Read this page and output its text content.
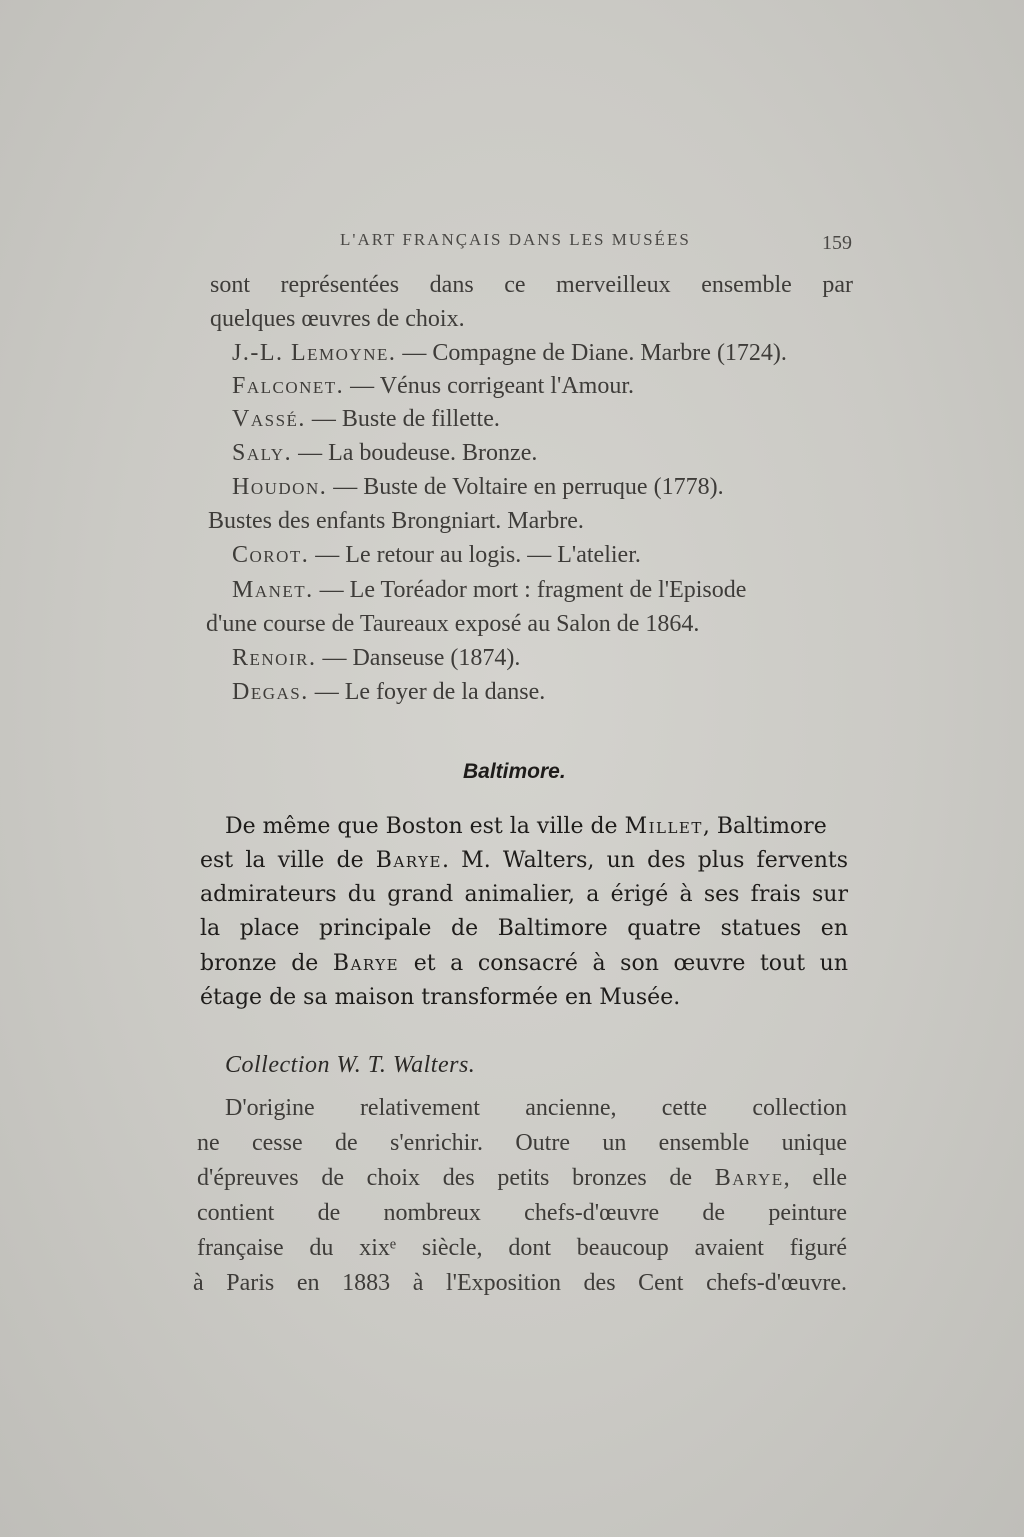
L'ART FRANÇAIS DANS LES MUSÉES	159
sont représentées dans ce merveilleux ensemble par
quelques œuvres de choix.
J.-L. Lemoyne. — Compagne de Diane. Marbre (1724).
Falconet. — Vénus corrigeant l'Amour.
Vassé. — Buste de fillette.
Saly. — La boudeuse. Bronze.
Houdon. — Buste de Voltaire en perruque (1778).
Bustes des enfants Brongniart. Marbre.
Corot. — Le retour au logis. — L'atelier.
Manet. — Le Toréador mort : fragment de l'Episode
d'une course de Taureaux exposé au Salon de 1864.
Renoir. — Danseuse (1874).
Degas. — Le foyer de la danse.
Baltimore.
De même que Boston est la ville de Millet, Baltimore
est la ville de Barye. M. Walters, un des plus fervents
admirateurs du grand animalier, a érigé à ses frais sur
la place principale de Baltimore quatre statues en
bronze de Barye et a consacré à son œuvre tout un
étage de sa maison transformée en Musée.
Collection W. T. Walters.
D'origine relativement ancienne, cette collection
ne cesse de s'enrichir. Outre un ensemble unique
d'épreuves de choix des petits bronzes de Barye, elle
contient de nombreux chefs-d'œuvre de peinture
française du xixᵉ siècle, dont beaucoup avaient figuré
à Paris en 1883 à l'Exposition des Cent chefs-d'œuvre.
